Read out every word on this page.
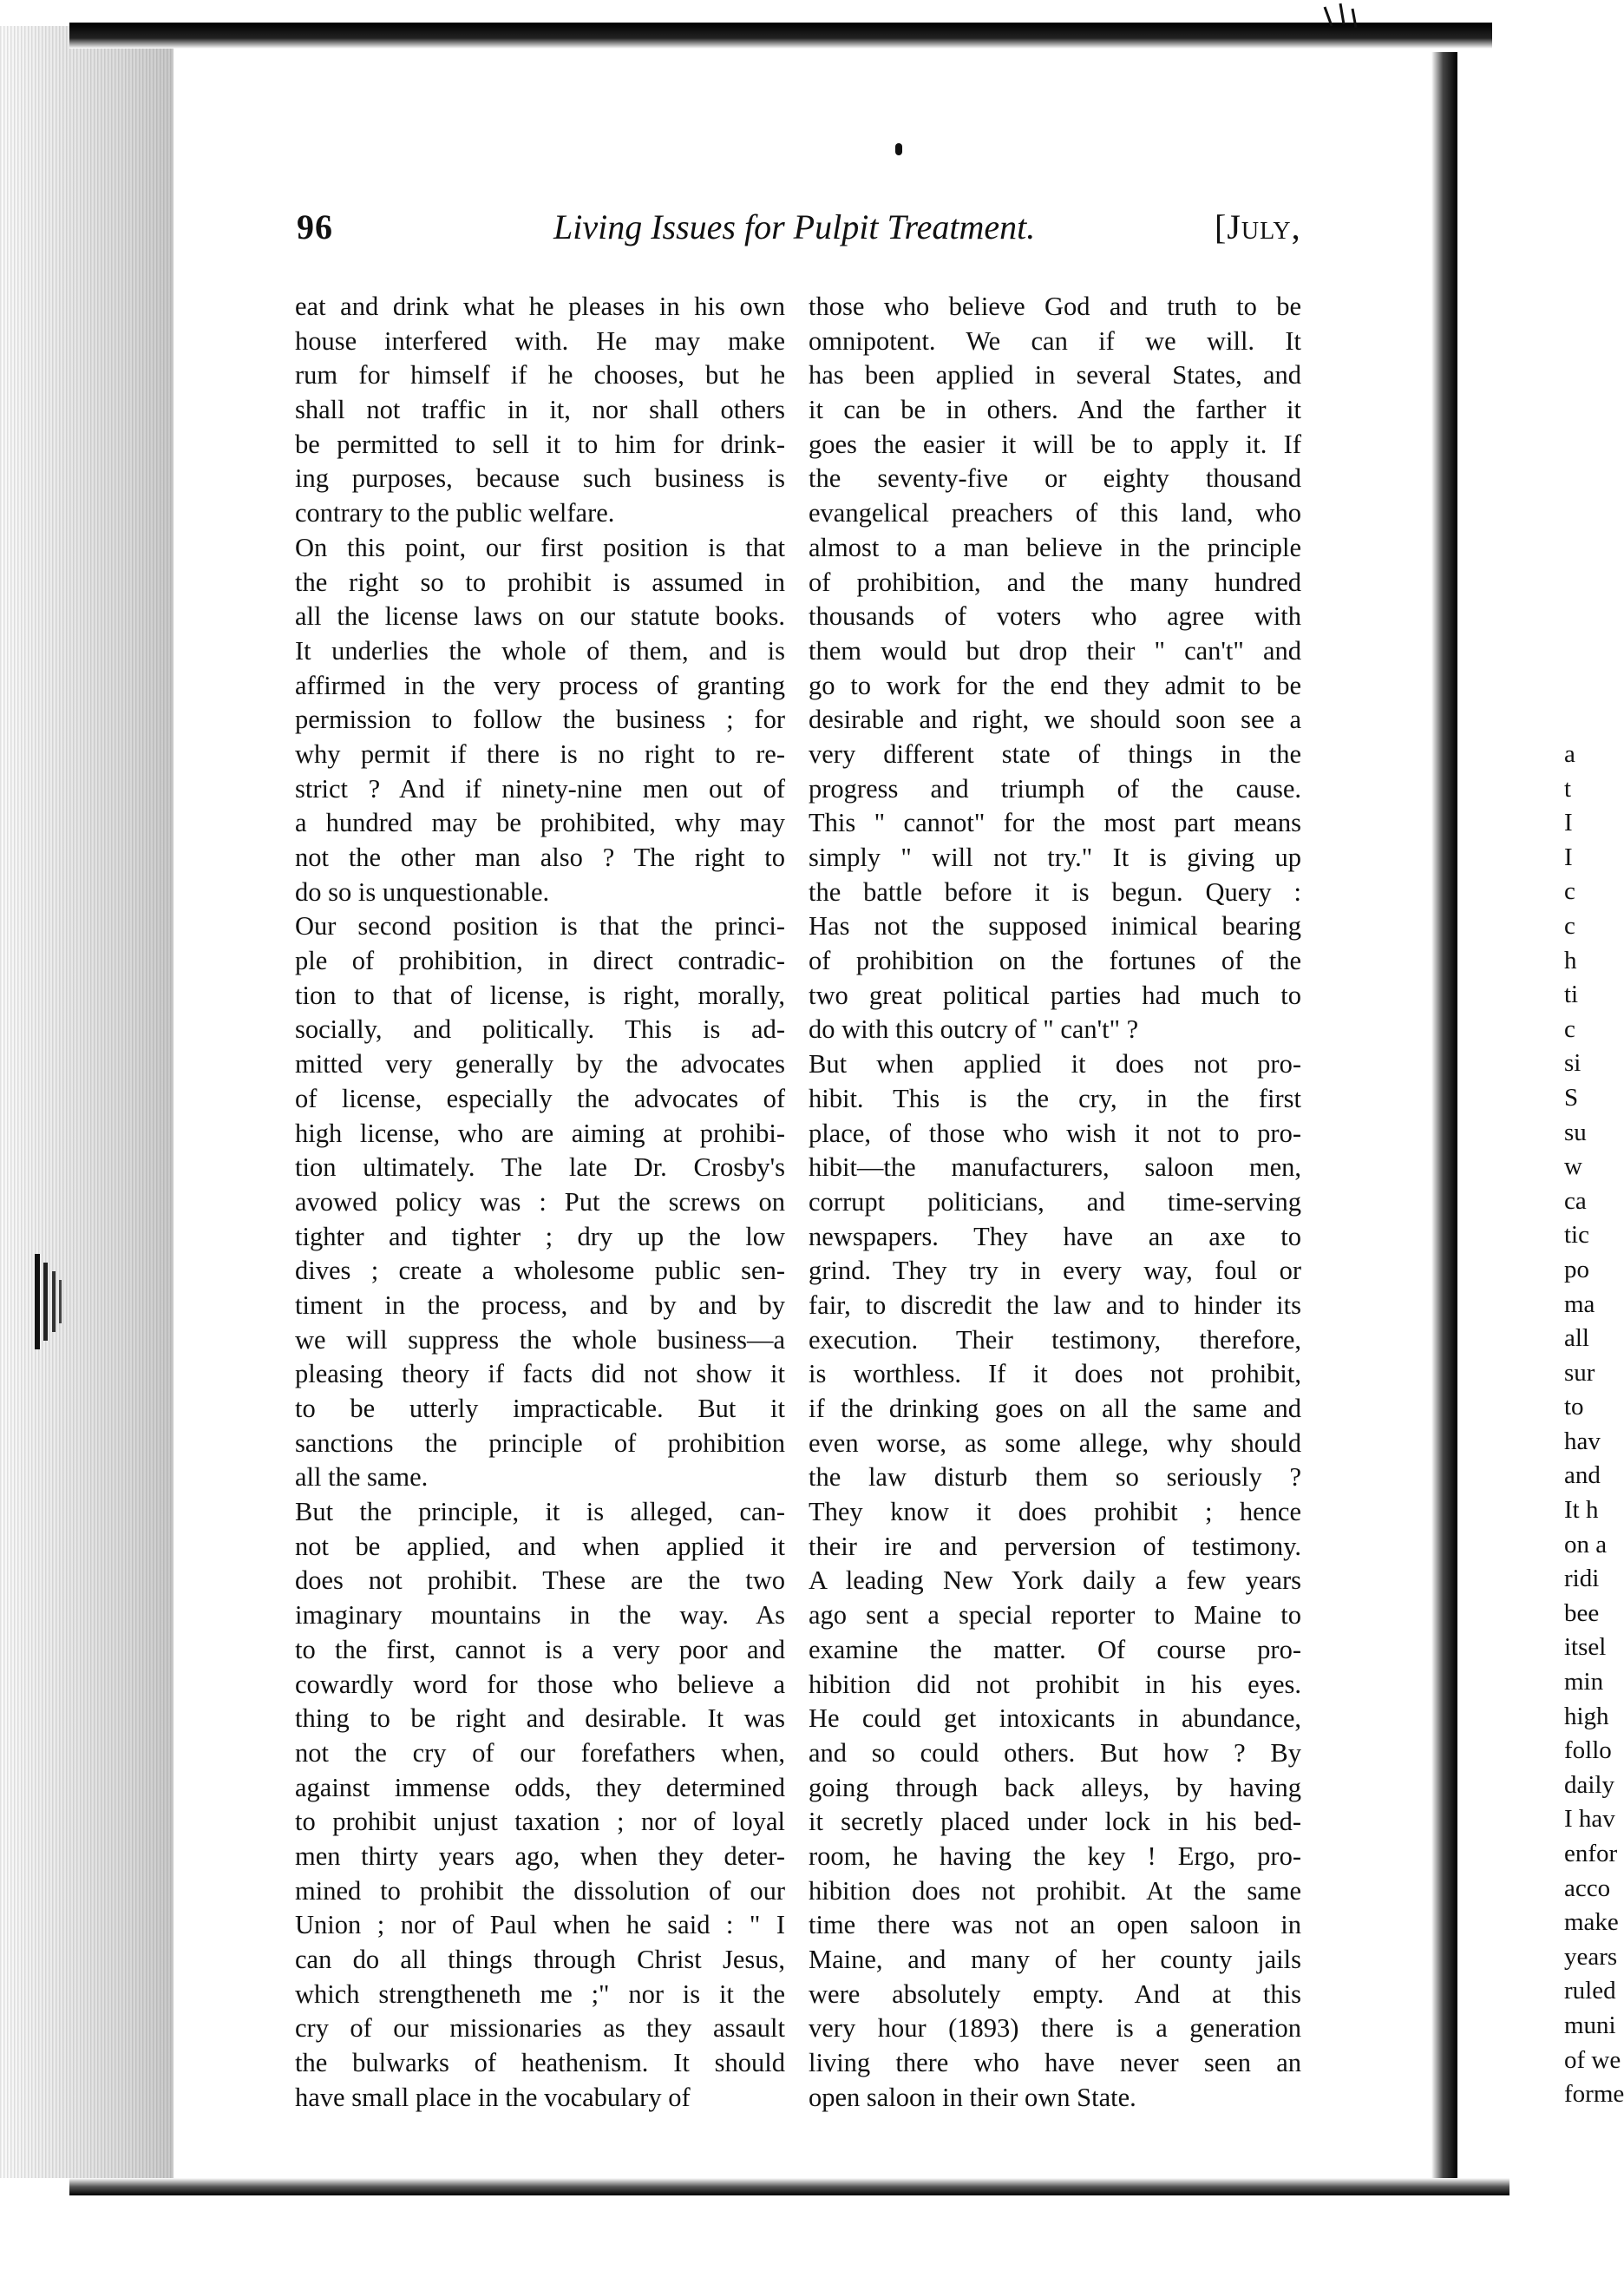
a
t
I
I
c
c
h
ti
c
si
S
su
w
ca
tic
po
ma
all
sur
to
hav
and
It h
on a
ridi
bee
itsel
min
high
follo
daily
I hav
enfor
acco
make
years
ruled
muni
of we
forme
96	Living Issues for Pulpit Treatment.	[July,
eat and drink what he pleases in his own
house interfered with. He may make
rum for himself if he chooses, but he
shall not traffic in it, nor shall others
be permitted to sell it to him for drink-
ing purposes, because such business is
contrary to the public welfare.
On this point, our first position is that
the right so to prohibit is assumed in
all the license laws on our statute books.
It underlies the whole of them, and is
affirmed in the very process of granting
permission to follow the business ; for
why permit if there is no right to re-
strict ? And if ninety-nine men out of
a hundred may be prohibited, why may
not the other man also ? The right to
do so is unquestionable.
Our second position is that the princi-
ple of prohibition, in direct contradic-
tion to that of license, is right, morally,
socially, and politically. This is ad-
mitted very generally by the advocates
of license, especially the advocates of
high license, who are aiming at prohibi-
tion ultimately. The late Dr. Crosby's
avowed policy was : Put the screws on
tighter and tighter ; dry up the low
dives ; create a wholesome public sen-
timent in the process, and by and by
we will suppress the whole business—a
pleasing theory if facts did not show it
to be utterly impracticable. But it
sanctions the principle of prohibition
all the same.
But the principle, it is alleged, can-
not be applied, and when applied it
does not prohibit. These are the two
imaginary mountains in the way. As
to the first, cannot is a very poor and
cowardly word for those who believe a
thing to be right and desirable. It was
not the cry of our forefathers when,
against immense odds, they determined
to prohibit unjust taxation ; nor of loyal
men thirty years ago, when they deter-
mined to prohibit the dissolution of our
Union ; nor of Paul when he said : " I
can do all things through Christ Jesus,
which strengtheneth me ;" nor is it the
cry of our missionaries as they assault
the bulwarks of heathenism. It should
have small place in the vocabulary of
those who believe God and truth to be
omnipotent. We can if we will. It
has been applied in several States, and
it can be in others. And the farther it
goes the easier it will be to apply it. If
the seventy-five or eighty thousand
evangelical preachers of this land, who
almost to a man believe in the principle
of prohibition, and the many hundred
thousands of voters who agree with
them would but drop their " can't" and
go to work for the end they admit to be
desirable and right, we should soon see a
very different state of things in the
progress and triumph of the cause.
This " cannot" for the most part means
simply " will not try." It is giving up
the battle before it is begun. Query :
Has not the supposed inimical bearing
of prohibition on the fortunes of the
two great political parties had much to
do with this outcry of " can't" ?
But when applied it does not pro-
hibit. This is the cry, in the first
place, of those who wish it not to pro-
hibit—the manufacturers, saloon men,
corrupt politicians, and time-serving
newspapers. They have an axe to
grind. They try in every way, foul or
fair, to discredit the law and to hinder its
execution. Their testimony, therefore,
is worthless. If it does not prohibit,
if the drinking goes on all the same and
even worse, as some allege, why should
the law disturb them so seriously ?
They know it does prohibit ; hence
their ire and perversion of testimony.
A leading New York daily a few years
ago sent a special reporter to Maine to
examine the matter. Of course pro-
hibition did not prohibit in his eyes.
He could get intoxicants in abundance,
and so could others. But how ? By
going through back alleys, by having
it secretly placed under lock in his bed-
room, he having the key ! Ergo, pro-
hibition does not prohibit. At the same
time there was not an open saloon in
Maine, and many of her county jails
were absolutely empty. And at this
very hour (1893) there is a generation
living there who have never seen an
open saloon in their own State.
